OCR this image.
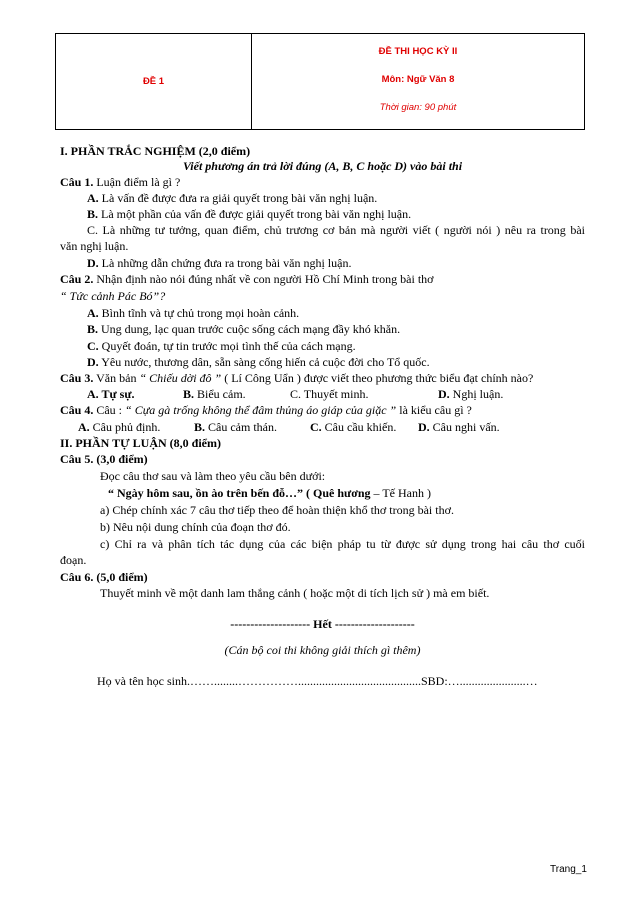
ĐỀ 1
ĐỀ THI HỌC KỲ II
Môn: Ngữ Văn 8
Thời gian: 90 phút
I. PHẦN TRẮC NGHIỆM (2,0 điểm)
Viết phương án trả lời đúng (A, B, C hoặc D) vào bài thi
Câu 1. Luận điểm là gì ?
A. Là vấn đề được đưa ra giải quyết trong bài văn nghị luận.
B. Là một phần của vấn đề được giải quyết trong bài văn nghị luận.
C. Là những tư tưởng, quan điểm, chủ trương cơ bản mà người viết ( người nói ) nêu ra trong bài
văn nghị luận.
D. Là những dẫn chứng đưa ra trong bài văn nghị luận.
Câu 2. Nhận định nào nói đúng nhất về con người Hồ Chí Minh trong bài thơ
“ Tức cảnh Pác Bó”?
A. Bình tĩnh và tự chủ trong mọi hoàn cảnh.
B. Ung dung, lạc quan trước cuộc sống cách mạng đầy khó khăn.
C. Quyết đoán, tự tin trước mọi tình thế của cách mạng.
D. Yêu nước, thương dân, sẵn sàng cống hiến cả cuộc đời cho Tổ quốc.
Câu 3. Văn bản “ Chiếu dời đô ” ( Lí Công Uẩn ) được viết theo phương thức biểu đạt chính nào?
A. Tự sự.	B. Biểu cảm.	C. Thuyết minh.	D. Nghị luận.
Câu 4. Câu : “ Cựa gà trống không thể đâm thủng áo giáp của giặc ” là kiểu câu gì ?
A. Câu phủ định.	B. Câu cảm thán.	C. Câu cầu khiến. D. Câu nghi vấn.
II. PHẦN TỰ LUẬN (8,0 điểm)
Câu 5. (3,0 điểm)
Đọc câu thơ sau và làm theo yêu cầu bên dưới:
“ Ngày hôm sau, ồn ào trên bến đỗ…” ( Quê hương – Tế Hanh )
a) Chép chính xác 7 câu thơ tiếp theo để hoàn thiện khổ thơ trong bài thơ.
b) Nêu nội dung chính của đoạn thơ đó.
c) Chỉ ra và phân tích tác dụng của các biện pháp tu từ được sử dụng trong hai câu thơ cuối
đoạn.
Câu 6. (5,0 điểm)
Thuyết minh về một danh lam thắng cảnh ( hoặc một di tích lịch sử ) mà em biết.
-------------------- Hết --------------------
(Cán bộ coi thi không giải thích gì thêm)
Họ và tên học sinh.……........…………….........................................SBD:…......................…
Trang_1
